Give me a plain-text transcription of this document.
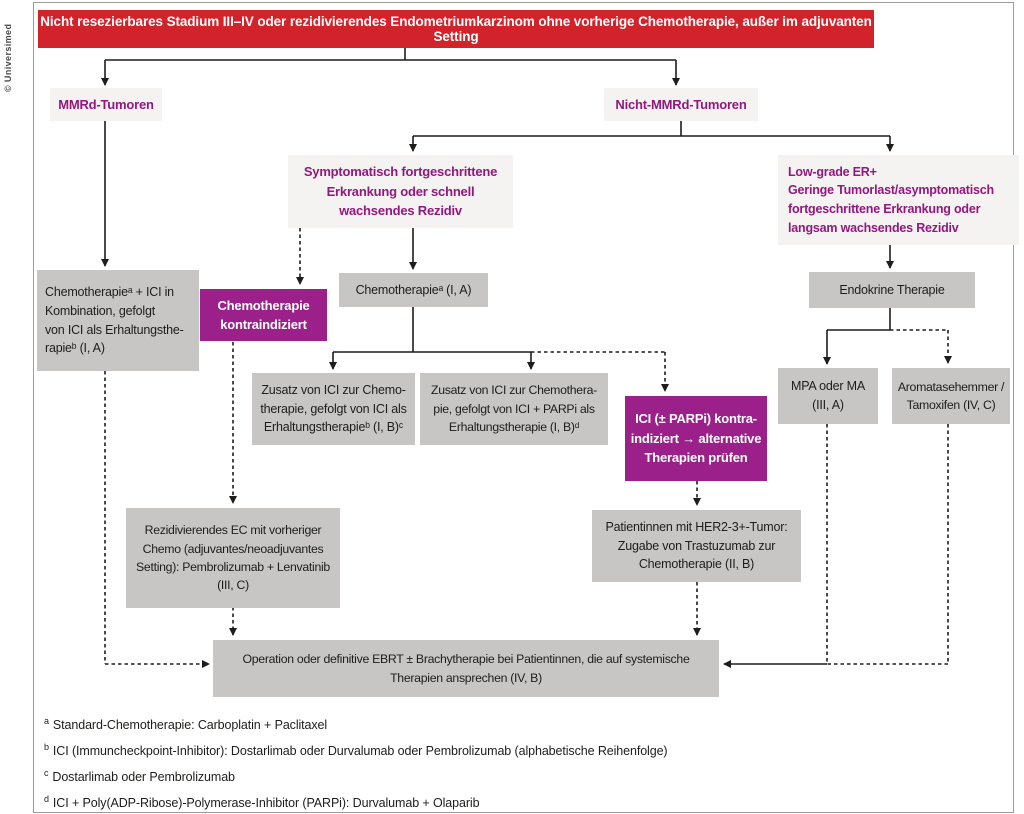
© Universimed
Nicht resezierbares Stadium III–IV oder rezidivierendes Endometriumkarzinom ohne vorherige Chemotherapie, außer im adjuvanten Setting
MMRd-Tumoren	Nicht-MMRd-Tumoren
Symptomatisch fortgeschrittene
Erkrankung oder schnell
wachsendes Rezidiv
Low-grade ER+
Geringe Tumorlast/asymptomatisch
fortgeschrittene Erkrankung oder
langsam wachsendes Rezidiv
Chemotherapieᵃ + ICI in
Kombination, gefolgt
von ICI als Erhaltungsthe-
rapieᵇ (I, A)
Chemotherapie
kontraindiziert
Chemotherapieᵃ (I, A)
Zusatz von ICI zur Chemo-
therapie, gefolgt von ICI als
Erhaltungstherapieᵇ (I, B)ᶜ
Zusatz von ICI zur Chemothera-
pie, gefolgt von ICI + PARPi als
Erhaltungstherapie (I, B)ᵈ
ICI (± PARPi) kontra-
indiziert → alternative
Therapien prüfen
Endokrine Therapie
MPA oder MA
(III, A)
Aromatasehemmer /
Tamoxifen (IV, C)
Rezidivierendes EC mit vorheriger
Chemo (adjuvantes/neoadjuvantes
Setting): Pembrolizumab + Lenvatinib
(III, C)
Patientinnen mit HER2-3+-Tumor:
Zugabe von Trastuzumab zur
Chemotherapie (II, B)
Operation oder definitive EBRT ± Brachytherapie bei Patientinnen, die auf systemische
Therapien ansprechen (IV, B)
$^a$ Standard-Chemotherapie: Carboplatin + Paclitaxel
$^b$ ICI (Immuncheckpoint-Inhibitor): Dostarlimab oder Durvalumab oder Pembrolizumab (alphabetische Reihenfolge)
$^c$ Dostarlimab oder Pembrolizumab
$^d$ ICI + Poly(ADP-Ribose)-Polymerase-Inhibitor (PARPi): Durvalumab + Olaparib
